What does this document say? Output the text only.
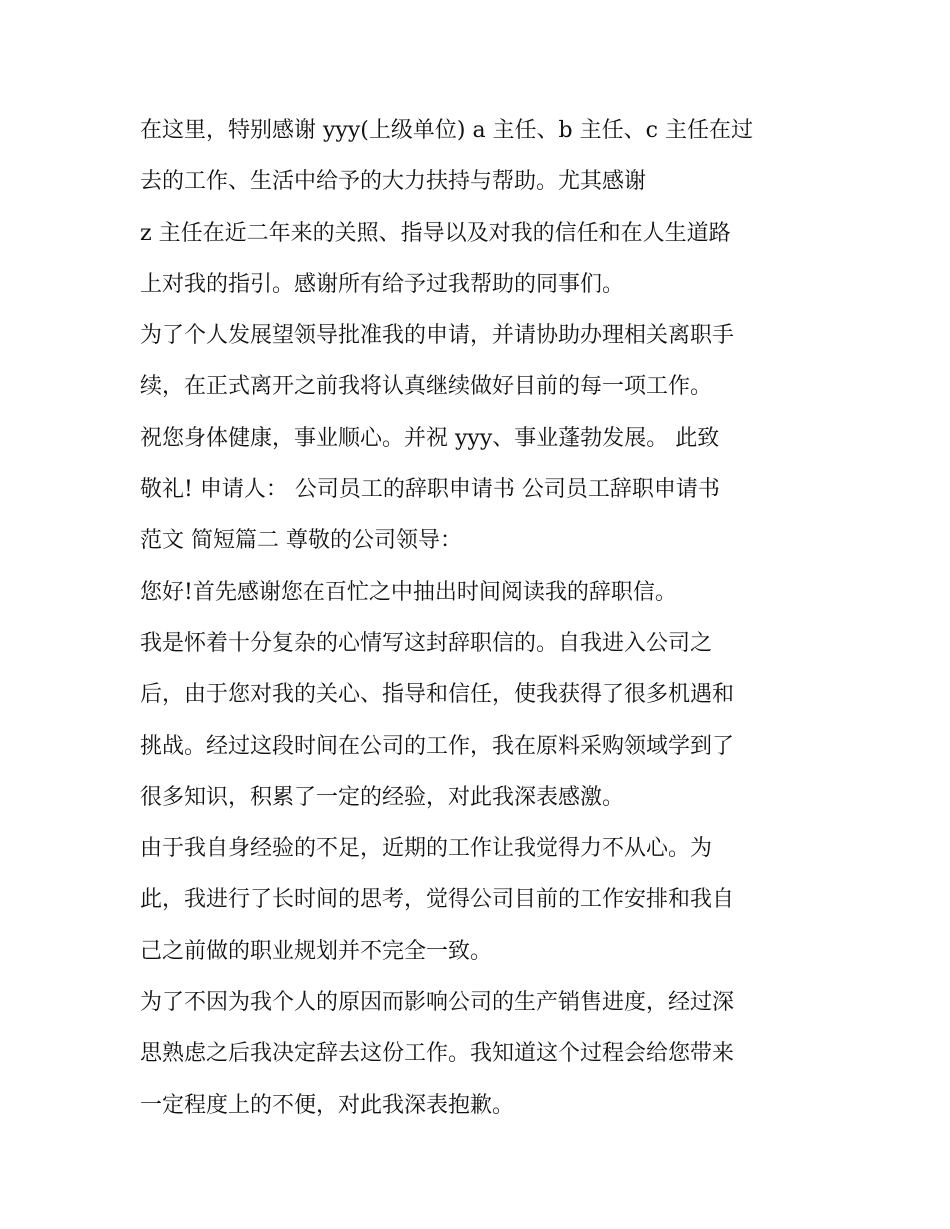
在这里，特别感谢 yyy(上级单位) a 主任、b 主任、c 主任在过
去的工作、生活中给予的大力扶持与帮助。尤其感谢
z 主任在近二年来的关照、指导以及对我的信任和在人生道路
上对我的指引。感谢所有给予过我帮助的同事们。
为了个人发展望领导批准我的申请，并请协助办理相关离职手
续，在正式离开之前我将认真继续做好目前的每一项工作。
祝您身体健康，事业顺心。并祝 yyy、事业蓬勃发展。 此致
敬礼! 申请人： 公司员工的辞职申请书 公司员工辞职申请书
范文 简短篇二 尊敬的公司领导：
您好!首先感谢您在百忙之中抽出时间阅读我的辞职信。
我是怀着十分复杂的心情写这封辞职信的。自我进入公司之
后，由于您对我的关心、指导和信任，使我获得了很多机遇和
挑战。经过这段时间在公司的工作，我在原料采购领域学到了
很多知识，积累了一定的经验，对此我深表感激。
由于我自身经验的不足，近期的工作让我觉得力不从心。为
此，我进行了长时间的思考，觉得公司目前的工作安排和我自
己之前做的职业规划并不完全一致。
为了不因为我个人的原因而影响公司的生产销售进度，经过深
思熟虑之后我决定辞去这份工作。我知道这个过程会给您带来
一定程度上的不便，对此我深表抱歉。
